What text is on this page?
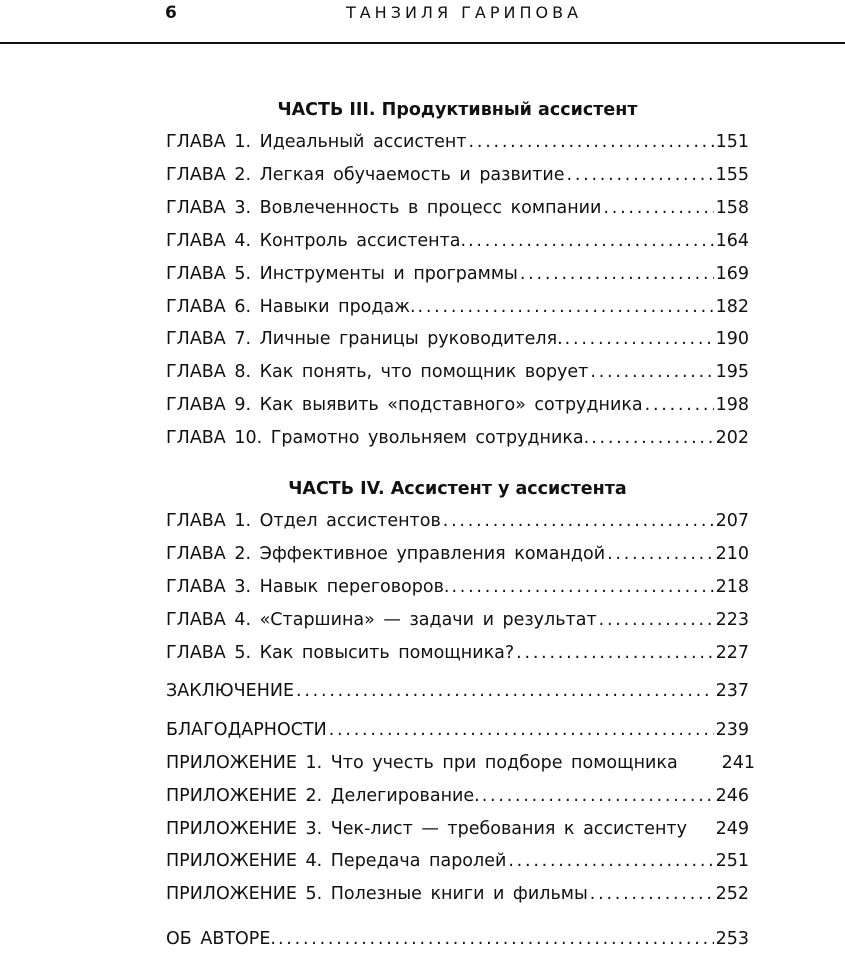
6	ТАНЗИЛЯ ГАРИПОВА
ЧАСТЬ III. Продуктивный ассистент
ГЛАВА 1. Идеальный ассистент . . .	.151
ГЛАВА 2. Легкая обучаемость и развитие . . .	155
ГЛАВА 3. Вовлеченность в процесс компании . . .	158
ГЛАВА 4. Контроль ассистента. . . .	164
ГЛАВА 5. Инструменты и программы . . .	169
ГЛАВА 6. Навыки продаж. . . .	182
ГЛАВА 7. Личные границы руководителя. . . .	190
ГЛАВА 8. Как понять, что помощник ворует . . .	195
ГЛАВА 9. Как выявить «подставного» сотрудника . . .	198
ГЛАВА 10. Грамотно увольняем сотрудника. . . .	202
ЧАСТЬ IV. Ассистент у ассистента
ГЛАВА 1. Отдел ассистентов . . .	207
ГЛАВА 2. Эффективное управления командой . . .	210
ГЛАВА 3. Навык переговоров. . . .	218
ГЛАВА 4. «Старшина» — задачи и результат . . .	223
ГЛАВА 5. Как повысить помощника? . . .	227
ЗАКЛЮЧЕНИЕ . . .	237
БЛАГОДАРНОСТИ . . .	239
ПРИЛОЖЕНИЕ 1. Что учесть при подборе помощника	241
ПРИЛОЖЕНИЕ 2. Делегирование. . . .	246
ПРИЛОЖЕНИЕ 3. Чек-лист — требования к ассистенту	249
ПРИЛОЖЕНИЕ 4. Передача паролей . . .	251
ПРИЛОЖЕНИЕ 5. Полезные книги и фильмы . . .	252
ОБ АВТОРЕ. . . .	253
